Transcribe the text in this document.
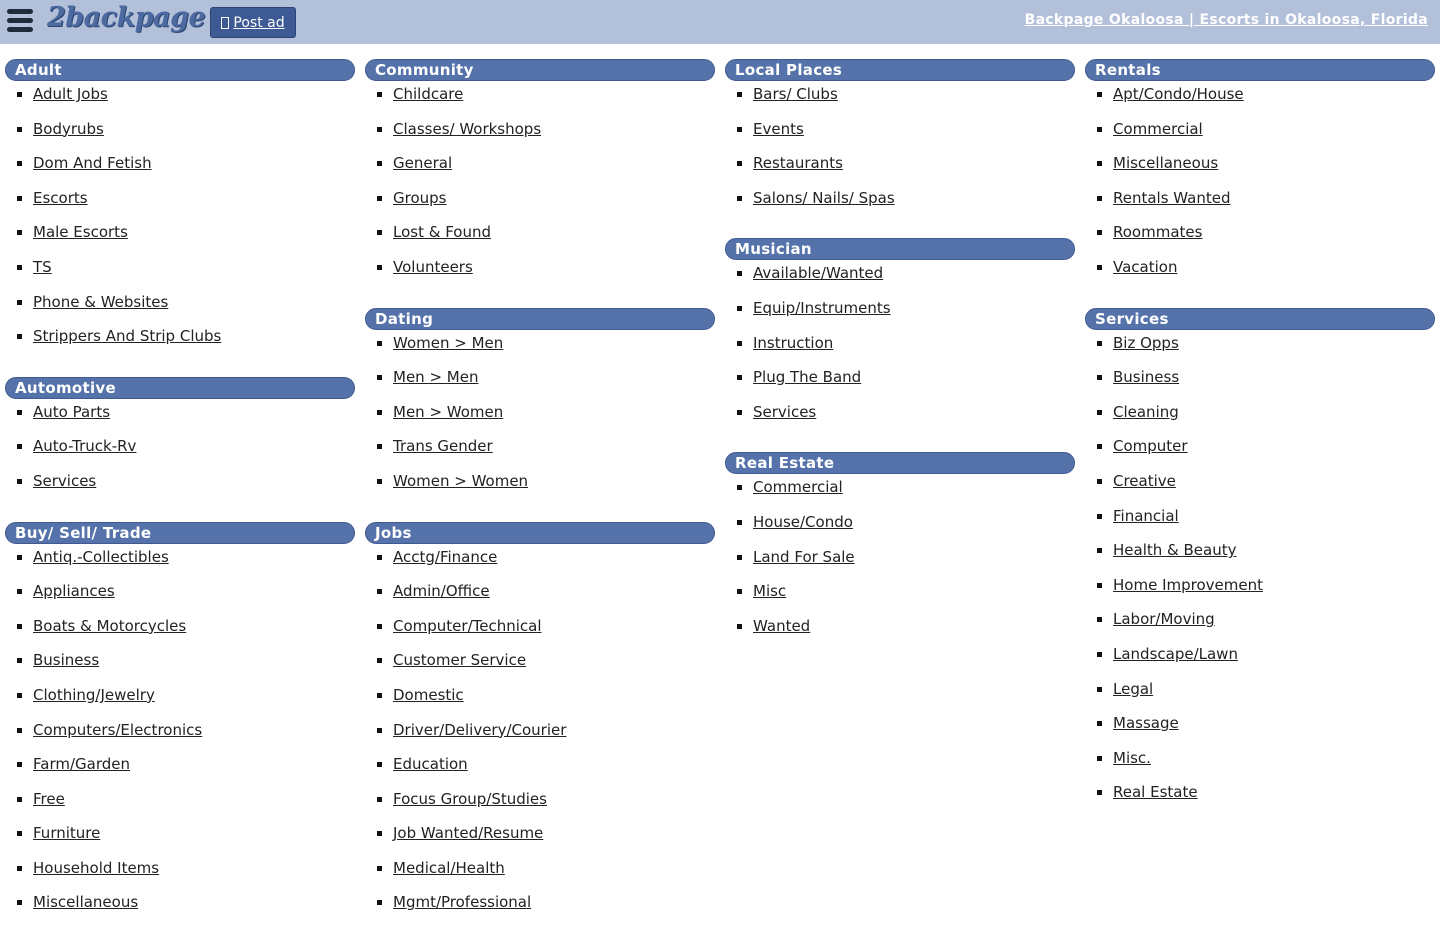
2backpage Post ad	Backpage Okaloosa | Escorts in Okaloosa, Florida
Adult
▪ Adult Jobs
▪ Bodyrubs
▪ Dom And Fetish
▪ Escorts
▪ Male Escorts
▪ TS
▪ Phone & Websites
▪ Strippers And Strip Clubs
Automotive
▪ Auto Parts
▪ Auto-Truck-Rv
▪ Services
Buy/ Sell/ Trade
▪ Antiq.-Collectibles
▪ Appliances
▪ Boats & Motorcycles
▪ Business
▪ Clothing/Jewelry
▪ Computers/Electronics
▪ Farm/Garden
▪ Free
▪ Furniture
▪ Household Items
▪ Miscellaneous
Community
▪ Childcare
▪ Classes/ Workshops
▪ General
▪ Groups
▪ Lost & Found
▪ Volunteers
Dating
▪ Women > Men
▪ Men > Men
▪ Men > Women
▪ Trans Gender
▪ Women > Women
Jobs
▪ Acctg/Finance
▪ Admin/Office
▪ Computer/Technical
▪ Customer Service
▪ Domestic
▪ Driver/Delivery/Courier
▪ Education
▪ Focus Group/Studies
▪ Job Wanted/Resume
▪ Medical/Health
▪ Mgmt/Professional
Local Places
▪ Bars/ Clubs
▪ Events
▪ Restaurants
▪ Salons/ Nails/ Spas
Musician
▪ Available/Wanted
▪ Equip/Instruments
▪ Instruction
▪ Plug The Band
▪ Services
Real Estate
▪ Commercial
▪ House/Condo
▪ Land For Sale
▪ Misc
▪ Wanted
Rentals
▪ Apt/Condo/House
▪ Commercial
▪ Miscellaneous
▪ Rentals Wanted
▪ Roommates
▪ Vacation
Services
▪ Biz Opps
▪ Business
▪ Cleaning
▪ Computer
▪ Creative
▪ Financial
▪ Health & Beauty
▪ Home Improvement
▪ Labor/Moving
▪ Landscape/Lawn
▪ Legal
▪ Massage
▪ Misc.
▪ Real Estate
